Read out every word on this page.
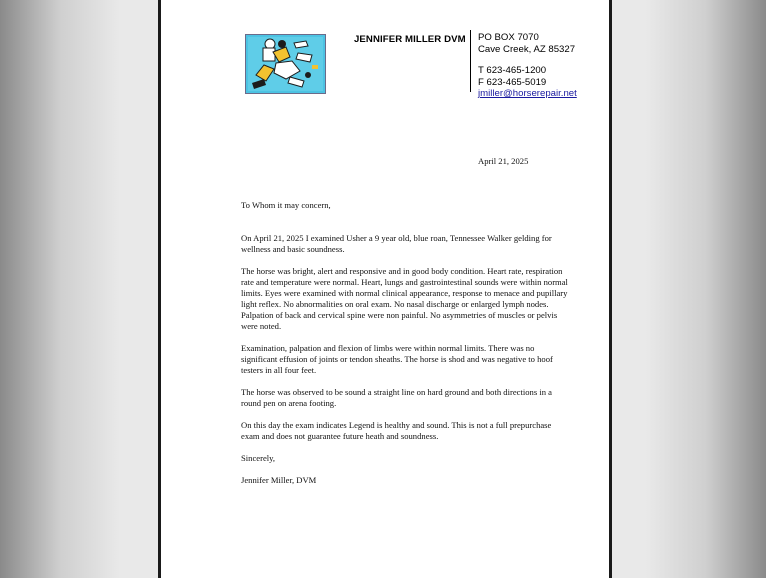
JENNIFER MILLER DVM PO BOX 7070
Cave Creek, AZ 85327
T 623-465-1200
F 623-465-5019
jmiller@horserepair.net
April 21, 2025

To Whom it may concern,

On April 21, 2025 I examined Usher a 9 year old, blue roan, Tennessee Walker gelding for wellness and basic soundness.

The horse was bright, alert and responsive and in good body condition. Heart rate, respiration rate and temperature were normal. Heart, lungs and gastrointestinal sounds were within normal limits. Eyes were examined with normal clinical appearance, response to menace and pupillary light reflex. No abnormalities on oral exam. No nasal discharge or enlarged lymph nodes. Palpation of back and cervical spine were non painful. No asymmetries of muscles or pelvis were noted.

Examination, palpation and flexion of limbs were within normal limits. There was no significant effusion of joints or tendon sheaths. The horse is shod and was negative to hoof testers in all four feet.

The horse was observed to be sound a straight line on hard ground and both directions in a round pen on arena footing.

On this day the exam indicates Legend is healthy and sound. This is not a full prepurchase exam and does not guarantee future heath and soundness.

Sincerely,

Jennifer Miller, DVM
